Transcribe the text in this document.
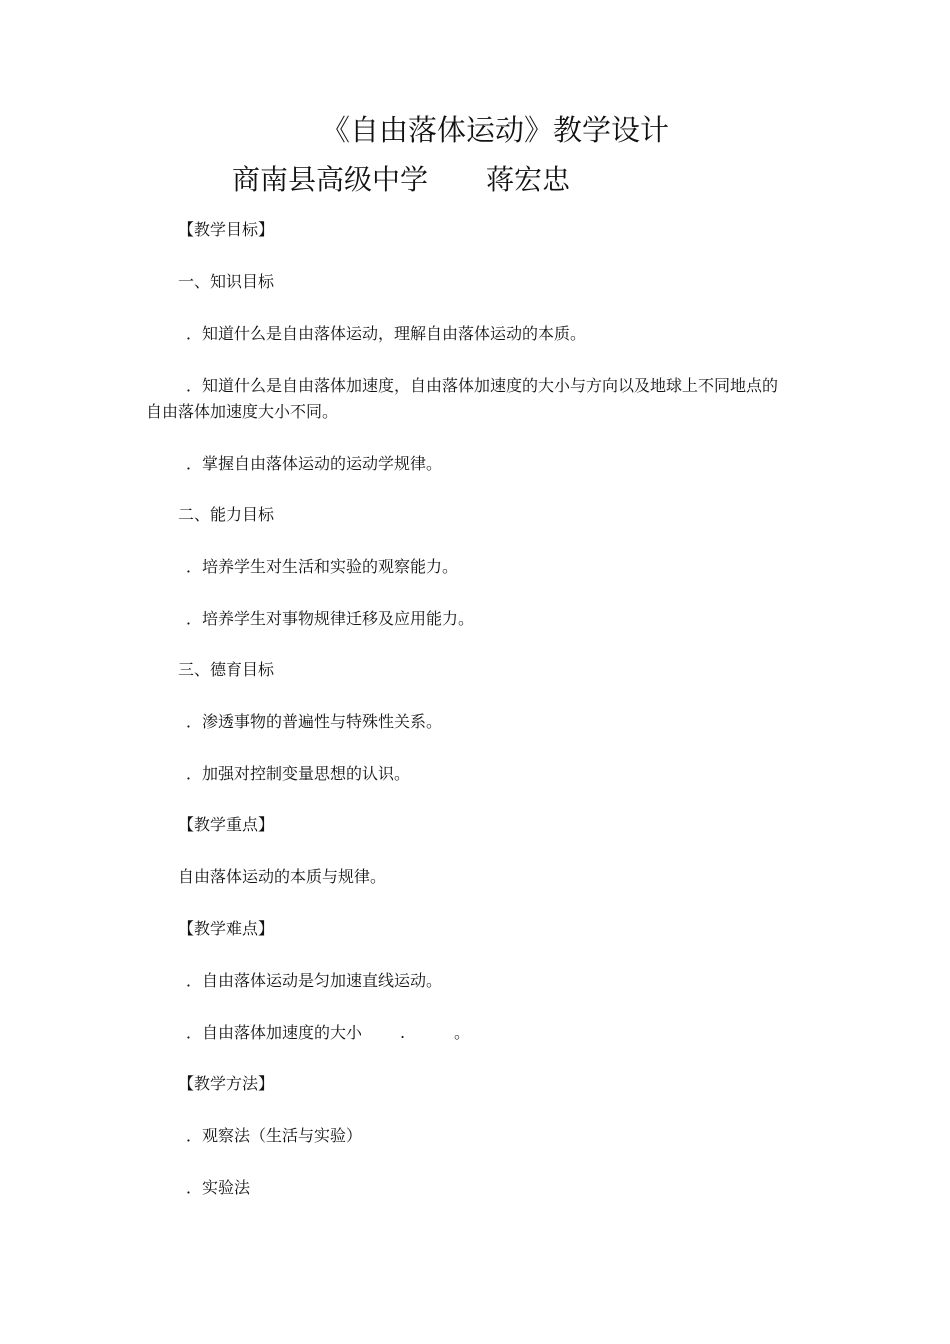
《自由落体运动》教学设计
商南县高级中学 蒋宏忠
【教学目标】
一、知识目标
．知道什么是自由落体运动，理解自由落体运动的本质。
．知道什么是自由落体加速度，自由落体加速度的大小与方向以及地球上不同地点的
自由落体加速度大小不同。
．掌握自由落体运动的运动学规律。
二、能力目标
．培养学生对生活和实验的观察能力。
．培养学生对事物规律迁移及应用能力。
三、德育目标
．渗透事物的普遍性与特殊性关系。
．加强对控制变量思想的认识。
【教学重点】
自由落体运动的本质与规律。
【教学难点】
．自由落体运动是匀加速直线运动。
．自由落体加速度的大小 .	。
【教学方法】
．观察法（生活与实验）
．实验法
